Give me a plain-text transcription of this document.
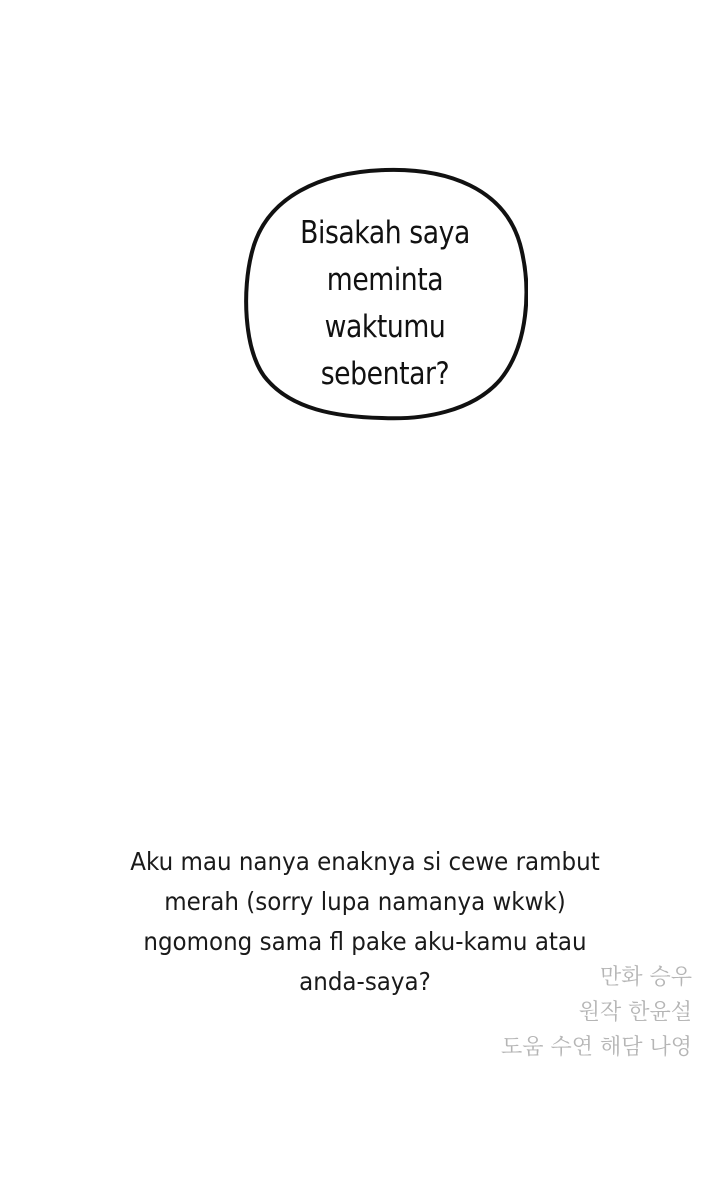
Bisakah saya
meminta
waktumu
sebentar?
Aku mau nanya enaknya si cewe rambut
merah (sorry lupa namanya wkwk)
ngomong sama fl pake aku-kamu atau
anda-saya?	만화 승우
원작 한윤설
도움 수연 해담 나영
